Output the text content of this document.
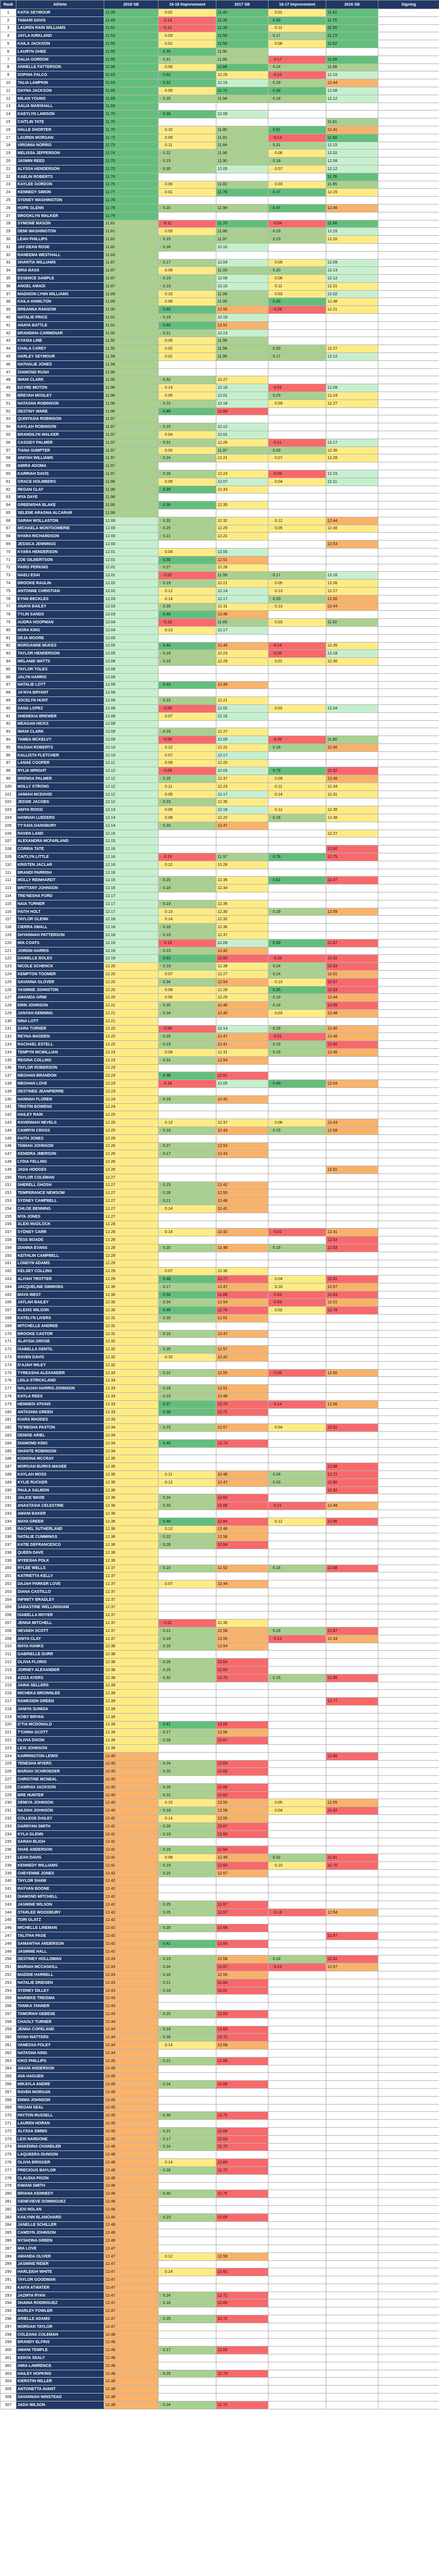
Rank	Athlete	2018 SB	15-18 Improvement	2017 SB	16-17 Improvement	2016 SB	Signing
1	KATIA SEYMOUR	11.39	→ 0.01	11.40	→ 0.01	11.41	
2	TAMARI DAVIS	11.49	↓ -0.13	11.36	↑ 0.39	11.75	
3	LAUREN RAIN WILLIAMS	11.51	↓ -0.12	11.39	→ 0.11	11.50	
4	JAYLA KIRKLAND	11.53	→ 0.03	11.56	↑ 0.17	11.73	
5	KAILA JACKSON	11.55	→ 0.01	11.56	→ 0.06	11.62	
6	LAURYN GHEE	11.55	↑ 0.35	11.90			
7	DALIA GORDON	11.55	↑ 0.31	11.86	↓ -0.17	11.69	
8	ANNELLE FATTERSON	11.58	→ 0.06	11.64	↑ 0.24	11.88	
9	SOPHIA FALCO	11.63	↑ 0.62	12.25	↓ -0.10	12.15	
10	TALIA LAMPKIN	11.63	↑ 0.52	12.15	↑ 0.29	12.44	
11	DAYNA JACKSON	11.65	→ 0.05	11.70	↑ 0.38	12.08	
12	MILAN YOUNG	11.69	↑ 0.25	11.94	↑ 0.18	12.12	
13	AALIA MARSHALL	11.69					
14	KAEYLYN LAWSON	11.70	↑ 0.38	12.08			
15	CAITLIN TATE	11.70				11.81	
16	HALLE SHORTER	11.70	→ 0.10	11.80	↑ 0.61	12.41	
17	LAUREN MORGAN	11.72	→ 0.09	11.81	↓ -0.13	11.68	
18	VIRGINIA NORRIS	11.73	→ 0.11	11.84	↑ 0.31	12.15	
19	MELISSA JEFFERSON	11.74	↑ 0.22	11.96	→ 0.06	12.02	
20	JASMIN REED	11.75	↑ 0.15	11.90	↑ 0.18	12.08	
21	ALYSSA HENDERSON	11.75	↑ 0.30	12.05	→ 0.07	12.12	
22	KAELIN ROBERTS	11.76				11.76	
23	KAYLEE GORDON	11.76	→ 0.06	11.82	→ 0.03	11.85	
24	KENNEDY SIMON	11.77	→ 0.01	11.78	↑ 0.47	12.25	
25	SYDNEY WASHINGTON	11.78					
26	HOPE GLENN	11.79	↑ 0.20	11.99	↑ 0.47	12.46	
27	BROOKLYN WALKER	11.79					
28	SYMONE MASON	11.81	↓ -0.11	11.70	↓ -0.04	11.66	
29	DEMI WASHINGTON	11.81	→ 0.05	11.86	↑ 0.29	12.15	
30	LEAH PHILLIPS	11.82	↑ 0.15	11.97	↑ 0.23	12.20	
31	JAY-DEAN ROSE	11.82	↑ 0.28	12.10			
32	RANEEMA WESTHALL	11.83					
33	SHANTIA WILLIAMS	11.87	↑ 0.17	12.04	→ 0.05	12.09	
34	BRIA BASS	11.87	→ 0.06	11.93	↑ 0.20	12.13	
35	ESSENCE SAMPLE	11.87	↑ 0.19	12.06	→ 0.06	12.12	
36	ANGEL AMADI	11.87	↑ 0.23	12.10	→ 0.11	12.21	
37	MADISON LYNN WILLIAMS	11.89	→ 0.10	11.99	→ 0.03	12.02	
38	KAILA HAMILTON	11.89	→ 0.06	11.95	↑ 0.43	12.38	
39	BREANNA RANSOM	11.90	↑ 0.60	12.50	↓ -0.29	12.21	
40	NATALIE PRICE	11.91	↑ 0.19	12.10			
41	ANAYA BATTLE	11.91	↑ 0.60	12.51			
42	BRANDIHA CARMENAR	11.92	↑ 0.21	12.13			
43	KYASIA LINE	11.92	→ 0.06	11.98			
44	CHALA CAREY	11.92	→ 0.02	11.94	↑ 0.33	12.27	
45	HARLEY SEYMOUR	11.94	→ 0.01	11.95	↑ 0.17	12.12	
46	NATHALIE JONES	11.94					
47	DIAMOND RUSH	11.95					
48	IMANI CLARK	11.95	↑ 0.32	12.27			
49	EGYRE MOTON	11.96	→ 0.14	12.10	↓ -0.01	12.09	
50	BREYAH MOSLEY	11.96	→ 0.05	12.01	↑ 0.23	12.24	
51	NATASHA ROBINSON	11.96	↑ 0.22	12.18	→ 0.09	12.27	
52	DESTINY WARE	11.96	↑ 0.88	12.84			
53	QUINTASIA ROBINSON	11.97					
54	KAYLAH ROBINSON	11.97	↑ 0.15	12.12			
55	BRANDILYN WALKER	11.97	→ 0.04	12.01			
56	CASSIDY PALMER	11.97	↑ 0.31	12.28	↓ -0.11	12.17	
57	TIANA SUMPTER	11.97	→ 0.00	11.97	↑ 0.33	12.30	
58	ANIYAH WILLIAMS	11.97	↑ 0.24	12.21	→ 0.07	12.28	
59	AMIRA ADOMA	11.97					
60	KARRIAH DAVIS	11.97	↑ 0.26	12.23	↓ -0.08	12.15	
61	GRACE HOLMBERG	11.98	→ 0.09	12.07	→ 0.04	12.11	
62	REGAN CLAY	11.98	↑ 0.35	12.33			
63	MYA DAYE	11.98					
64	GREENISHA BLAKE	11.99	↑ 0.36	12.35			
65	SELENE ARAGNA ALCARAR	11.99					
66	SARAH WOLLASTON	12.00	↑ 0.32	12.32	→ 0.12	12.44	
67	MICHAELA MONTGOMERIE	12.00	↑ 0.25	12.25	→ 0.05	12.30	
68	NYARA RICHARDSON	12.00	↑ 0.21	12.21			
69	JESSICA JENNINGS	12.00				12.53	
70	KYARA HENDERSON	12.01	→ 0.04	12.05			
71	ZOE GILBERTSON	12.01	↑ 0.50	12.51			
72	PARIS PERKINS	12.01	↑ 0.27	12.28			
73	NAELI ESAI	12.01	↓ -0.02	11.99	↑ 0.17	12.16	
74	BROOKE RAULIN	12.02	↑ 0.19	12.21	→ 0.05	12.26	
75	ANTONNE CHRISTIAN	12.02	→ 0.12	12.14	→ 0.13	12.27	
76	EYNN BECKLES	12.03	→ 0.14	12.17	↑ 0.33	12.50	
77	ANAYA BAILEY	12.03	↑ 0.28	12.31	→ 0.13	12.44	
78	TYLIN SANDS	12.03	↑ 0.45	12.48			
79	AUDRA HOOPMAN	12.04	↓ -0.15	11.89	→ 0.03	11.92	
80	NORA KING	12.04	→ 0.13	12.17			
81	DEJA MOORE	12.05					
82	MORGANNE MUKES	12.05	↑ 0.44	12.49	↓ -0.14	12.35	
83	TAYLOR HENDERSON	12.05	↑ 0.18	12.23	↓ -0.05	12.18	
84	MELANIE WATTS	12.06	↑ 0.23	12.29	→ 0.01	12.30	
85	TAYLOR TOLES	12.06					
86	JALYN HARRIS	12.06					
87	NATALIE LOTT	12.06	↑ 0.43	12.49			
88	JA'NYA BRYANT	12.06					
89	JOCELYN HUNT	12.06	↑ 0.15	12.21			
90	SANA LOPEZ	12.08	↓ -0.06	12.02	→ 0.02	12.04	
91	SHENEKIA BREWER	12.08	→ 0.07	12.15			
92	MEAGAN HICKS	12.08					
93	IMANI CLARK	12.09	↑ 0.18	12.27			
94	TAMEA MCKELVY	12.09	↓ -0.09	12.00	↓ -0.20	11.80	
95	RAZIAH ROBERTS	12.10	→ 0.12	12.22	↑ 0.18	12.40	
96	KALLISTA FLETCHER	12.10	→ 0.07	12.17			
97	LANAE COOPER	12.11	→ 0.09	12.20			
98	RYLIA WRIGHT	12.12	↓ -0.09	12.03	↑ 0.79	12.82	
99	BRENDA PALMER	12.12	↑ 0.25	12.37	→ 0.09	12.46	
100	MOLLY STRONG	12.12	→ 0.11	12.23	→ 0.11	12.34	
101	JAMIAH MCDAVID	12.12	→ 0.05	12.17	→ 0.14	12.31	
102	JESSIE JACOBS	12.12	↑ 0.23	12.35			
103	ANIYA ROSSI	12.13	→ 0.05	12.18	→ 0.12	12.30	
104	HANNAH LUEDERS	12.14	→ 0.08	12.22	↑ 0.16	12.38	
105	TY'ASIA DANSBURY	12.14	↑ 0.33	12.47			
106	RAVEN LAND	12.15				12.27	
107	ALEXANDRA MCFARLAND	12.15					
108	CORRIA TATE	12.16				12.60	
109	CAITLYN LITTLE	12.16	↓ -0.19	11.97	↑ 0.78	12.75	
110	KRISTEN JACLAR	12.16	→ 0.12	12.28			
111	BRANDI PARRISH	12.16					
112	MOLLY REINHARDT	12.16	↑ 0.20	12.36	↑ 0.61	12.97	
113	BRITTANY JOHNSON	12.16	↑ 0.18	12.34			
114	TRE'NESHA FORD	12.17					
115	NAIA TURNER	12.17	↑ 0.19	12.36			
116	FAITH HOLT	12.17	→ 0.13	12.30	↑ 0.29	12.59	
117	TAYLOR GLENN	12.18	→ 0.14	12.32			
118	CIERRA SMALL	12.18	↑ 0.18	12.36			
119	SHYANNAH PATTERSON	12.18	↑ 0.19	12.37			
120	MIA COATS	12.19	↓ -0.10	12.09	↑ 0.58	12.67	
121	JORDIN HARRIS	12.19	↑ 0.23	12.42			
122	DANIELLE BOLES	12.19	↑ 0.63	12.82	↓ -0.20	12.62	
123	NICOLE SCHENCK	12.20	↑ 0.19	12.39	↑ 0.24	12.63	
124	KEMPTON TOOMER	12.20	→ 0.07	12.27	↑ 0.24	12.51	
125	SAVANNA GLOVER	12.20	↑ 0.34	12.54	→ 0.13	12.67	
126	YASMINE JOHNSTON	12.20	→ 0.08	12.28	↑ 0.35	12.63	
127	AMANDA GRIM	12.20	→ 0.05	12.25	↑ 0.19	12.44	
128	ERIN JOHNSON	12.21	↑ 0.25	12.46	↑ 0.19	12.65	
129	JANYAH KENNING	12.21	↑ 0.24	12.45	→ 0.03	12.48	
130	NINA LOTT	12.21					
131	SARA TURNER	12.22	↓ -0.08	12.14	↑ 0.26	12.40	
132	REYNA MADDEN	12.22	↑ 0.25	12.47	↓ -0.01	12.46	
133	RACHAEL ESTELL	12.22	↑ 0.19	12.41	↑ 0.19	12.60	
134	TEMPYN MCWILLIAN	12.23	→ 0.08	12.31	↑ 0.15	12.46	
135	REGINA COLLINS	12.23	↑ 0.31	12.54			
136	TAYLOR ROBERSON	12.23					
137	MEGHAN BRANDON	12.23	↑ 0.38	12.61			
138	MEGHAN LOVE	12.23	↓ -0.18	12.05	↑ 0.49	12.54	
139	DESTINEE JEANPIERRE	12.23					
140	HANNAH FLOREN	12.24	↑ 0.18	12.42			
141	TRISTIN BOWENS	12.24					
142	HAILEY RAIN	12.25					
143	RAVENNAH NEVELS	12.25	→ 0.12	12.37	→ 0.06	12.43	
144	CAMRYN CROSS	12.25	↑ 0.18	12.43	↑ 0.15	12.58	
145	FAITH JONES	12.26					
146	TAMIAH JOHNSON	12.26	↑ 0.27	12.53			
147	KENIDRA JMERSON	12.26	↑ 0.17	12.43			
148	LYDIA FELLING	12.26					
149	JADA HODGES	12.26				12.51	
150	TAYLOR COLEMAN	12.27					
151	SHERELL GHOSH	12.27	↑ 0.15	12.42			
152	TEMPERANCE NEWSOM	12.27	↑ 0.28	12.55			
153	SYDNEY CAMPBELL	12.27	↑ 0.21	12.48			
154	CHLOE BENNING	12.27	→ 0.14	12.41			
155	MYA JONES	12.27					
156	ALEXI MADLOCK	12.28					
157	SYDNEY CARR	12.28	→ 0.14	12.42	↓ -0.01	12.41	
158	TESS BOADE	12.28				12.63	
159	DIANNA EVANS	12.28	↑ 0.20	12.48	↑ 0.15	12.63	
160	KEITHLIN CAMPBELL	12.29					
161	LONDYN ADAMS	12.29					
162	KELSEY COLLINS	12.29	→ 0.07	12.36			
163	ALIYAH TROTTER	12.29	↑ 0.48	12.77	→ 0.04	12.81	
164	JACQUELINE SIMMONS	12.30	↑ 0.17	12.47	→ 0.10	12.57	
165	MAYA WEST	12.30	↑ 0.56	12.86	↓ -0.03	12.83	
166	JAYLAH BAILEY	12.30	↑ 0.24	12.54	↓ -0.03	12.51	
167	ALEXIS WILSON	12.30	↑ 0.46	12.76	→ 0.02	12.78	
168	KATELYN LIVERS	12.31	↑ 0.20	12.51			
169	MITCHELLE ANDREE	12.31					
170	BROOKE CASTOR	12.31	↑ 0.16	12.47			
171	ALAYSIA GROSE	12.32					
172	ISABELLA GENTIL	12.32	↑ 0.25	12.57			
173	RAVEN DAVIS	12.32	→ 0.10	12.42			
174	D'AJAH WILEY	12.32					
175	TYREASHA ALEXANDER	12.33	↑ 0.22	12.55	↓ -0.05	12.50	
176	LEILA STRICKLAND	12.33					
177	NALAIJAH HARRIS-JOHNSON	12.33	↑ 0.18	12.51			
178	KAYLA REES	12.33	↑ 0.15	12.48			
179	HENNEDI ATKINS	12.33	↑ 0.37	12.70	↓ -0.14	12.56	
180	ANTASHIA GREEN	12.33	↑ 0.38	12.71			
181	KIARA RHODES	12.33					
182	TE'MESHA PAXTON	12.34	↑ 0.23	12.57	→ 0.04	12.61	
183	DENISE ARIEL	12.34					
184	DIAMOND KING	12.34	↑ 0.40	12.74			
185	SHANTE ROBINSON	12.34					
186	KISHONA MCCRAY	12.35					
187	MORGAN BURKS-MAGEE	12.35				12.98	
188	KAYLAH MOSS	12.35	→ 0.11	12.46	↑ 0.26	12.72	
189	KYLIE RUCKER	12.35	→ 0.12	12.47	↑ 0.33	12.80	
190	PAULA SALMON	12.36				12.92	
191	JALICE WADE	12.36	↑ 0.24	12.60			
192	ANASTASIA CELESTINE	12.36	↑ 0.33	12.69	↓ -0.21	12.48	
193	AMANI BAKER	12.36					
194	MAYA GREER	12.36	↑ 0.48	12.84	→ 0.12	12.96	
195	RACHEL SUTHERLAND	12.36	→ 0.12	12.48			
196	NATALIE CUMMINGS	12.36	↑ 0.22	12.58			
197	KATIE DEFRANCESCO	12.36	↑ 0.28	12.64			
198	QUEEN DAVE	12.36					
199	MYEESHA POLK	12.36					
200	RYLEE WELLS	12.37	↑ 0.15	12.52	↑ 0.16	12.68	
201	KATRIETTA KELLY	12.37					
202	DAJAH PARKER LOVE	12.37	→ 0.07	12.44			
203	DIANA CASTILLO	12.37					
204	INFINITY BRADLEY	12.37					
205	SABASTINE WELLINGHAM	12.37					
206	ISABELLA MOYER	12.37					
207	JENNA MITCHELL	12.37	↓ -0.02	12.35			
208	NEVAEH SCOTT	12.37	↑ 0.21	12.58	↑ 0.29	12.87	
209	ANIYA CLAY	12.37	↑ 0.18	12.55	↓ -0.12	12.43	
210	MAYA HANKS	12.38	↑ 0.16	12.54			
211	GABRIELLE DURR	12.38					
212	OLIVIA FLORIO	12.38	↑ 0.26	12.64			
213	JORNEY ALEXANDER	12.38	↑ 0.25	12.63			
214	AZIZA AYERS	12.38	↑ 0.32	12.70	↑ 0.15	12.85	
215	JAINA SELLERS	12.39					
216	MICHEKA BROWNLEE	12.39					
217	RAMESIDN GREEN	12.39				12.77	
218	JANIYA SUNIGA	12.39					
219	KOBY BRYAN	12.39					
220	D'TIA MCDONALD	12.39	↑ 0.61	13.00			
221	T'CHINA SCOTT	12.39	↑ 0.17	12.56			
222	OLIVIA DIXON	12.39	↑ 0.28	12.67			
223	LEXI JOHNSON	12.39					
224	KARRINGTON LEWIS	12.40				12.86	
225	TENESHA MYERS	12.40	↑ 0.24	12.64			
226	MARIAH SCHROEDER	12.40	↑ 0.25	12.65			
227	CHRISTINE MCNEAL	12.40					
228	CAMRAH JACKSON	12.40	↑ 0.26	12.66			
229	BRE HUNTER	12.40	↑ 0.22	12.62			
230	DEMIYA JOHNSON	12.40	→ 0.10	12.50	→ 0.05	12.55	
231	NAJIAH JOHNSON	12.40	↑ 0.18	12.58	→ 0.04	12.62	
232	COLLEGE DAILEY	12.41	→ 0.14	12.55			
233	DARRYAN SMITH	12.41	↑ 0.26	12.67			
234	KYLA GLENN	12.41	↑ 0.19	12.60			
235	SARAH BLIGH	12.41					
236	SHAE ANDERSON	12.41	↑ 0.23	12.64			
237	LEAH DAVIS	12.41	→ 0.08	12.49	↑ 0.32	12.81	
238	KENNEDY WILLIAMS	12.41	↑ 0.19	12.60	→ 0.10	12.70	
239	CHEYENNE JONES	12.42	↑ 0.15	12.57			
240	TAYLOR SHAW	12.42					
241	RAYVAN BOONE	12.42					
242	DIAMOND MITCHELL	12.42					
243	JASMINE WILSON	12.42	↑ 0.25	12.67			
244	STARLEE WOODBURY	12.42	↑ 0.25	12.67	↓ -0.13	12.54	
245	TORI GLATZ	12.42					
246	MICHELLE LINEMAN	12.42	↑ 0.26	12.68			
247	TALITHA PAGE	12.42				12.87	
248	SAMANTHA ANDERSON	12.42	↑ 0.41	12.83			
249	JASMINE HALL	12.42					
250	DESTINEY HOLLOMAN	12.43	↑ 0.15	12.58	↑ 0.24	12.82	
251	MARIAH MCCASKILL	12.43	↑ 0.24	12.67	↓ -0.10	12.57	
252	MADDIE HARRELL	12.43	↑ 0.16	12.59			
253	NATALIE DREISEN	12.43	↑ 0.21	12.64			
254	SYDNEY DILLEY	12.43	↑ 0.18	12.61			
255	MARIEKE TREISMA	12.43					
256	TANIKA TANNER	12.43					
257	TAMORAH GEBESE	12.43	↑ 0.20	12.63			
258	CHAOLY TURNER	12.44					
259	JENNA COPELAND	12.44	↑ 0.19	12.63			
260	NYAH WATTERS	12.44	↑ 0.28	12.72			
261	VANESSA FOLEY	12.44	→ 0.14	12.58			
262	NATASHA KING	12.44					
263	KIKO PHILLIPS	12.45	↑ 0.21	12.66			
264	AMANI ANDERSON	12.45					
265	AVA HAGUEN	12.45					
266	MIKAYLA ANDRE	12.45	↑ 0.24	12.69			
267	RAVEN MORGAN	12.45					
268	EMMA JOHNSON	12.45					
269	REGAN SEAL	12.45					
270	PAYTON RUSSELL	12.45	↑ 0.30	12.75			
271	LAUREN HORAN	12.45					
272	ALYSSA SIMMS	12.45	↑ 0.21	12.66			
273	LEXI NARDONE	12.46	↑ 0.17	12.63			
274	MAKENNA CHANDLER	12.46	↑ 0.24	12.70			
275	LAQUEERA DUNSON	12.46					
276	OLIVIA BRIGGER	12.46	→ 0.14	12.60			
277	PRECIOUS BAYLOR	12.46	↑ 0.26	12.72			
278	CLAUDIA PISON	12.46					
279	KIMANI SMITH	12.46					
280	BRIANA KENNEDY	12.46	↑ 0.30	12.76			
281	GENEVIEVE DOMINGUEZ	12.46					
282	LEXI NOLAN	12.46					
283	KAILYNN BLANCHARD	12.46	↑ 0.23	12.69			
284	JANELLE SCHILLER	12.46					
285	CAMDYN JOHNSON	12.46					
286	NYSHONA GREEN	12.46					
287	MIA LOVE	12.47					
288	AMANDA OLIVER	12.47	→ 0.12	12.59			
289	JASMINE RIDER	12.47					
290	HARLEIGH WHITE	12.47	→ 0.14	12.61			
291	TAYLOR GOODMAN	12.47					
292	KAIYA ATWATER	12.47					
293	JAZMYA RYAN	12.47	↑ 0.24	12.71			
294	SHAINA RODRIGUEZ	12.47	↑ 0.18	12.65			
295	MARLEY FOWLER	12.47					
296	ARIELLE ADAMS	12.47	↑ 0.25	12.72			
297	MORGAN TAYLOR	12.47					
298	COLEANA COLEMAN	12.48					
299	BRANDY ELFINS	12.48					
300	AMANI TEMPLE	12.48	↑ 0.17	12.65			
301	KENYA SEALY	12.48					
302	AMIA LAWRENCE	12.48					
303	HAILEY HOPKINS	12.48	↑ 0.25	12.73			
304	KIERSTIN MILLER	12.48					
305	ANTONETTA AVANT	12.48					
306	SAVANNAH WINSTEAD	12.48					
307	JADA WILSON	12.48	↑ 0.24	12.72			
